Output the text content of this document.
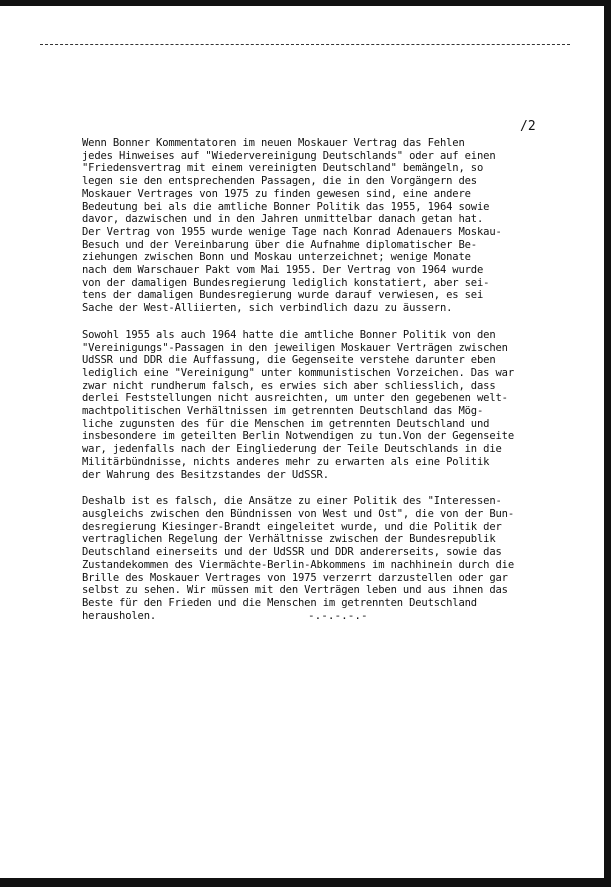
/2
Wenn Bonner Kommentatoren im neuen Moskauer Vertrag das Fehlen
jedes Hinweises auf "Wiedervereinigung Deutschlands" oder auf einen
"Friedensvertrag mit einem vereinigten Deutschland" bemängeln, so
legen sie den entsprechenden Passagen, die in den Vorgängern des
Moskauer Vertrages von 1975 zu finden gewesen sind, eine andere
Bedeutung bei als die amtliche Bonner Politik das 1955, 1964 sowie
davor, dazwischen und in den Jahren unmittelbar danach getan hat.
Der Vertrag von 1955 wurde wenige Tage nach Konrad Adenauers Moskau-
Besuch und der Vereinbarung über die Aufnahme diplomatischer Be-
ziehungen zwischen Bonn und Moskau unterzeichnet; wenige Monate
nach dem Warschauer Pakt vom Mai 1955. Der Vertrag von 1964 wurde
von der damaligen Bundesregierung lediglich konstatiert, aber sei-
tens der damaligen Bundesregierung wurde darauf verwiesen, es sei
Sache der West-Alliierten, sich verbindlich dazu zu äussern.
Sowohl 1955 als auch 1964 hatte die amtliche Bonner Politik von den
"Vereinigungs"-Passagen in den jeweiligen Moskauer Verträgen zwischen
UdSSR und DDR die Auffassung, die Gegenseite verstehe darunter eben
lediglich eine "Vereinigung" unter kommunistischen Vorzeichen. Das war
zwar nicht rundherum falsch, es erwies sich aber schliesslich, dass
derlei Feststellungen nicht ausreichten, um unter den gegebenen welt-
machtpolitischen Verhältnissen im getrennten Deutschland das Mög-
liche zugunsten des für die Menschen im getrennten Deutschland und
insbesondere im geteilten Berlin Notwendigen zu tun.Von der Gegenseite
war, jedenfalls nach der Eingliederung der Teile Deutschlands in die
Militärbündnisse, nichts anderes mehr zu erwarten als eine Politik
der Wahrung des Besitzstandes der UdSSR.
Deshalb ist es falsch, die Ansätze zu einer Politik des "Interessen-
ausgleichs zwischen den Bündnissen von West und Ost", die von der Bun-
desregierung Kiesinger-Brandt eingeleitet wurde, und die Politik der
vertraglichen Regelung der Verhältnisse zwischen der Bundesrepublik
Deutschland einerseits und der UdSSR und DDR andererseits, sowie das
Zustandekommen des Viermächte-Berlin-Abkommens im nachhinein durch die
Brille des Moskauer Vertrages von 1975 verzerrt darzustellen oder gar
selbst zu sehen. Wir müssen mit den Verträgen leben und aus ihnen das
Beste für den Frieden und die Menschen im getrennten Deutschland
herausholen.	-.-.-.-.-
